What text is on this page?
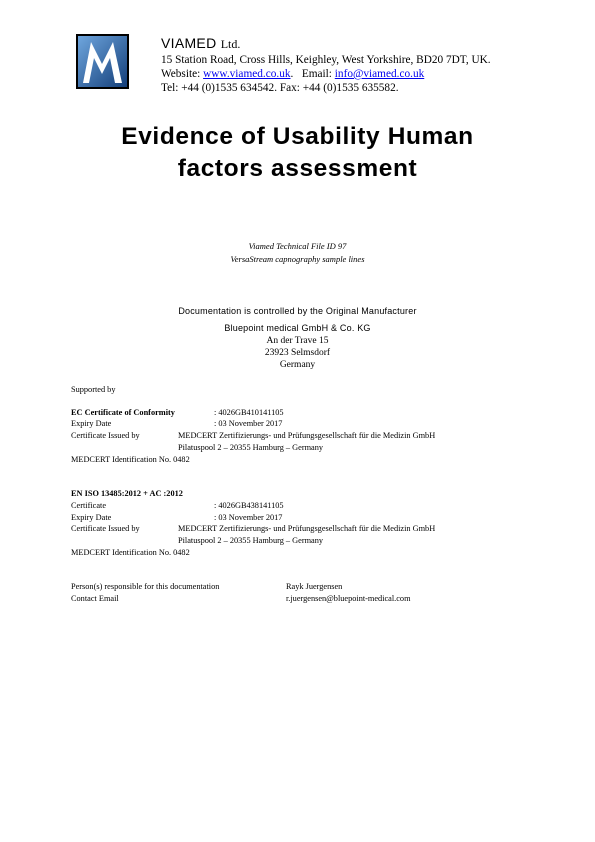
VIAMED Ltd.
15 Station Road, Cross Hills, Keighley, West Yorkshire, BD20 7DT, UK.
Website: www.viamed.co.uk.   Email: info@viamed.co.uk
Tel: +44 (0)1535 634542. Fax: +44 (0)1535 635582.
Evidence of Usability Human
factors assessment
Viamed Technical File ID 97
VersaStream capnography sample lines
Documentation is controlled by the Original Manufacturer
Bluepoint medical GmbH & Co. KG
An der Trave 15
23923 Selmsdorf
Germany
Supported by
EC Certificate of Conformity	: 4026GB410141105
Expiry Date	: 03 November 2017
Certificate Issued by	MEDCERT Zertifizierungs- und Prüfungsgesellschaft für die Medizin GmbH
Pilatuspool 2 – 20355 Hamburg – Germany
MEDCERT Identification No. 0482
EN ISO 13485:2012 + AC :2012
Certificate	: 4026GB438141105
Expiry Date	: 03 November 2017
Certificate Issued by	MEDCERT Zertifizierungs- und Prüfungsgesellschaft für die Medizin GmbH
Pilatuspool 2 – 20355 Hamburg – Germany
MEDCERT Identification No. 0482
Person(s) responsible for this documentation	Rayk Juergensen
Contact Email	r.juergensen@bluepoint-medical.com
